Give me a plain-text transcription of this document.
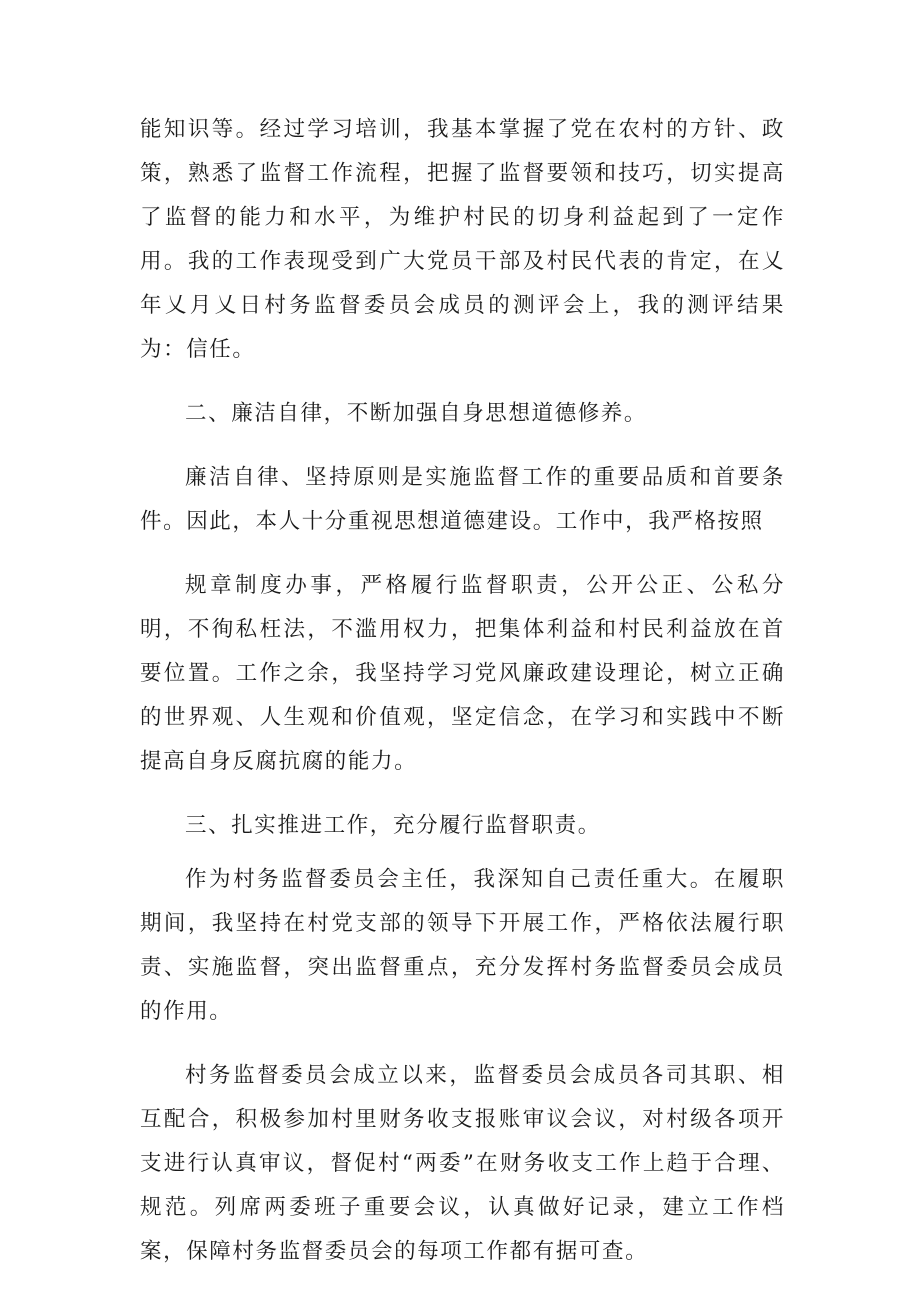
能知识等。经过学习培训，我基本掌握了党在农村的方针、政策，熟悉了监督工作流程，把握了监督要领和技巧，切实提高了监督的能力和水平，为维护村民的切身利益起到了一定作用。我的工作表现受到广大党员干部及村民代表的肯定，在乂年乂月乂日村务监督委员会成员的测评会上，我的测评结果为：信任。

二、廉洁自律，不断加强自身思想道德修养。

廉洁自律、坚持原则是实施监督工作的重要品质和首要条件。因此，本人十分重视思想道德建设。工作中，我严格按照

规章制度办事，严格履行监督职责，公开公正、公私分明，不徇私枉法，不滥用权力，把集体利益和村民利益放在首要位置。工作之余，我坚持学习党风廉政建设理论，树立正确的世界观、人生观和价值观，坚定信念，在学习和实践中不断提高自身反腐抗腐的能力。

三、扎实推进工作，充分履行监督职责。

作为村务监督委员会主任，我深知自己责任重大。在履职期间，我坚持在村党支部的领导下开展工作，严格依法履行职责、实施监督，突出监督重点，充分发挥村务监督委员会成员的作用。

村务监督委员会成立以来，监督委员会成员各司其职、相互配合，积极参加村里财务收支报账审议会议，对村级各项开支进行认真审议，督促村“两委”在财务收支工作上趋于合理、规范。列席两委班子重要会议，认真做好记录，建立工作档案，保障村务监督委员会的每项工作都有据可查。
